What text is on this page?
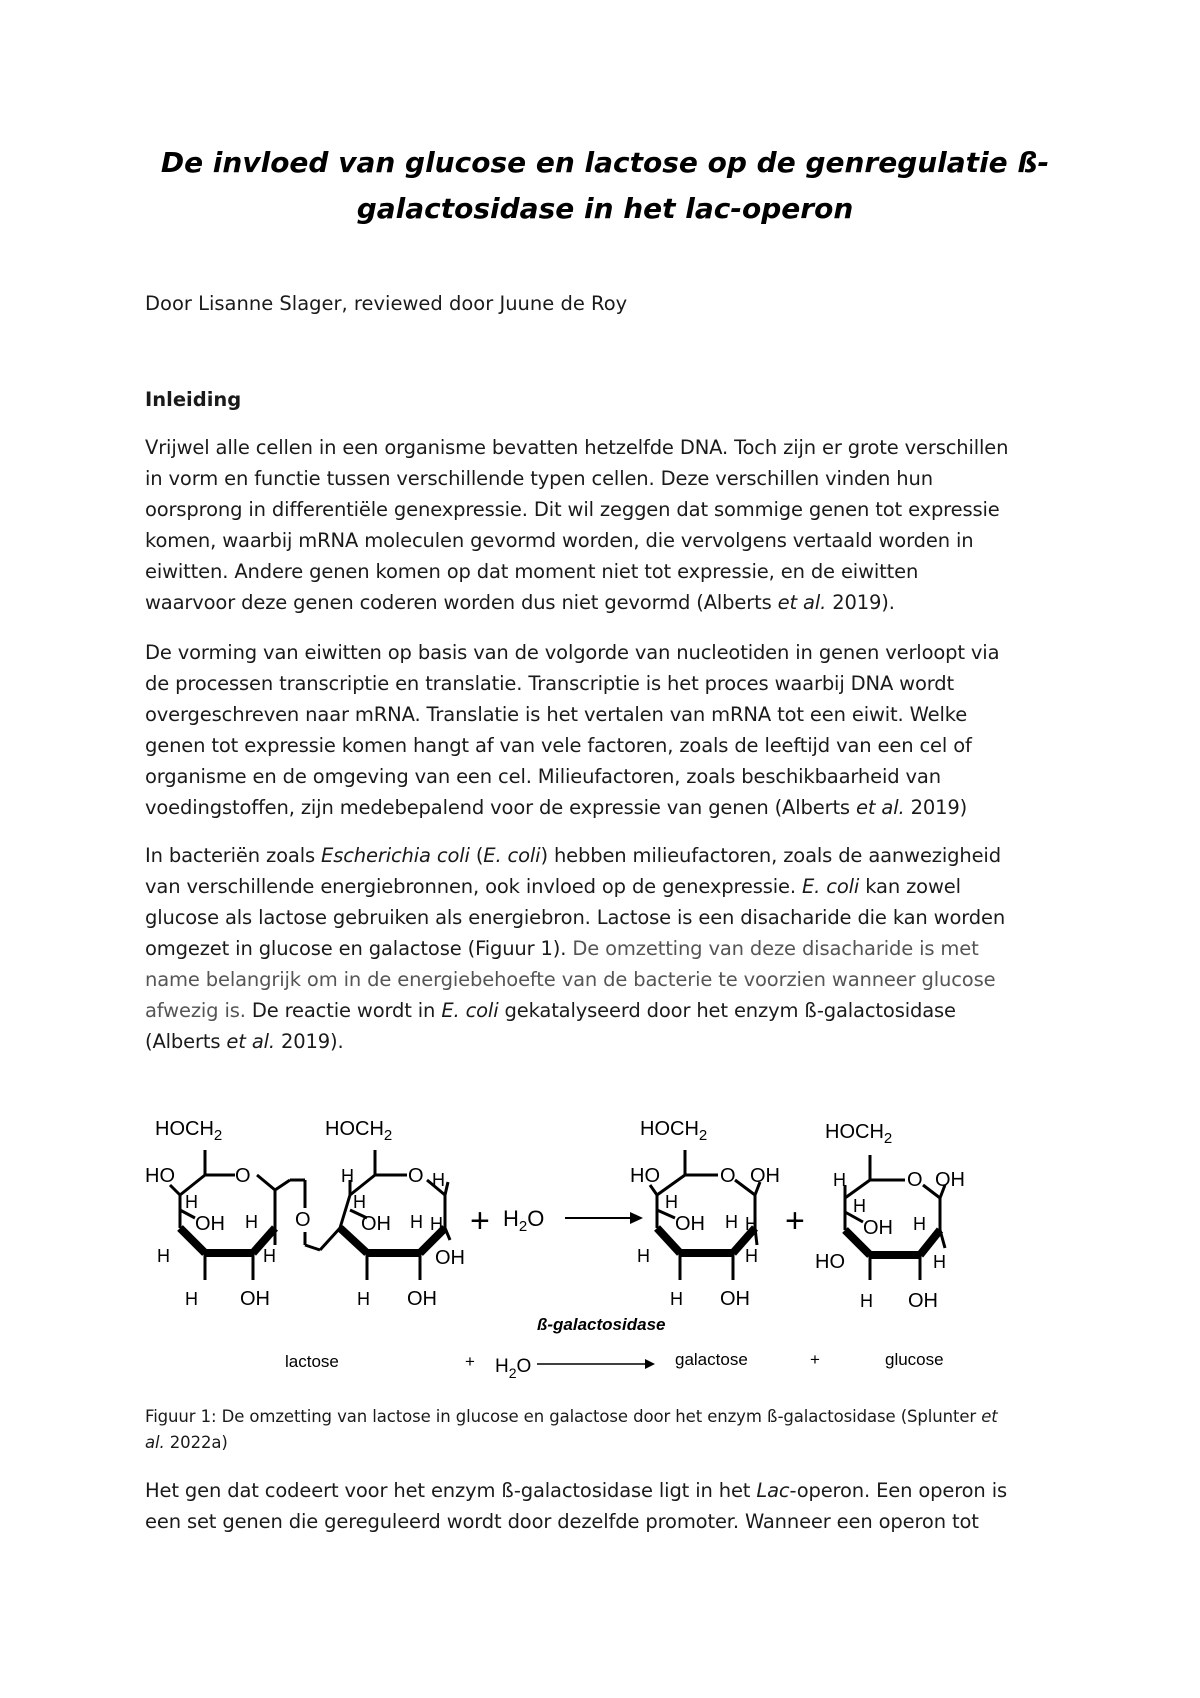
De invloed van glucose en lactose op de genregulatie ß-
galactosidase in het lac-operon

Door Lisanne Slager, reviewed door Juune de Roy

Inleiding

Vrijwel alle cellen in een organisme bevatten hetzelfde DNA. Toch zijn er grote verschillen
in vorm en functie tussen verschillende typen cellen. Deze verschillen vinden hun
oorsprong in differentiële genexpressie. Dit wil zeggen dat sommige genen tot expressie
komen, waarbij mRNA moleculen gevormd worden, die vervolgens vertaald worden in
eiwitten. Andere genen komen op dat moment niet tot expressie, en de eiwitten
waarvoor deze genen coderen worden dus niet gevormd (Alberts et al. 2019).
De vorming van eiwitten op basis van de volgorde van nucleotiden in genen verloopt via
de processen transcriptie en translatie. Transcriptie is het proces waarbij DNA wordt
overgeschreven naar mRNA. Translatie is het vertalen van mRNA tot een eiwit. Welke
genen tot expressie komen hangt af van vele factoren, zoals de leeftijd van een cel of
organisme en de omgeving van een cel. Milieufactoren, zoals beschikbaarheid van
voedingstoffen, zijn medebepalend voor de expressie van genen (Alberts et al. 2019)
In bacteriën zoals Escherichia coli (E. coli) hebben milieufactoren, zoals de aanwezigheid
van verschillende energiebronnen, ook invloed op de genexpressie. E. coli kan zowel
glucose als lactose gebruiken als energiebron. Lactose is een disacharide die kan worden
omgezet in glucose en galactose (Figuur 1). De omzetting van deze disacharide is met
name belangrijk om in de energiebehoefte van de bacterie te voorzien wanneer glucose
afwezig is. De reactie wordt in E. coli gekatalyseerd door het enzym ß-galactosidase
(Alberts et al. 2019).
$HOCH_2$
HO	O
H
OH H
H	H
H OH
O
$HOCH_2$
H	O H
H
OH H H
OH
H OH
+ $H_2O$
$HOCH_2$
HO	O OH
H
OH H H
H	H
H OH
+
$HOCH_2$
H	O OH
H
OH H
HO	H
H OH
lactose	+ $H_2O$
ß-galactosidase
galactose	+	glucose

Figuur 1: De omzetting van lactose in glucose en galactose door het enzym ß-galactosidase (Splunter et
al. 2022a)

Het gen dat codeert voor het enzym ß-galactosidase ligt in het Lac-operon. Een operon is
een set genen die gereguleerd wordt door dezelfde promoter. Wanneer een operon tot
